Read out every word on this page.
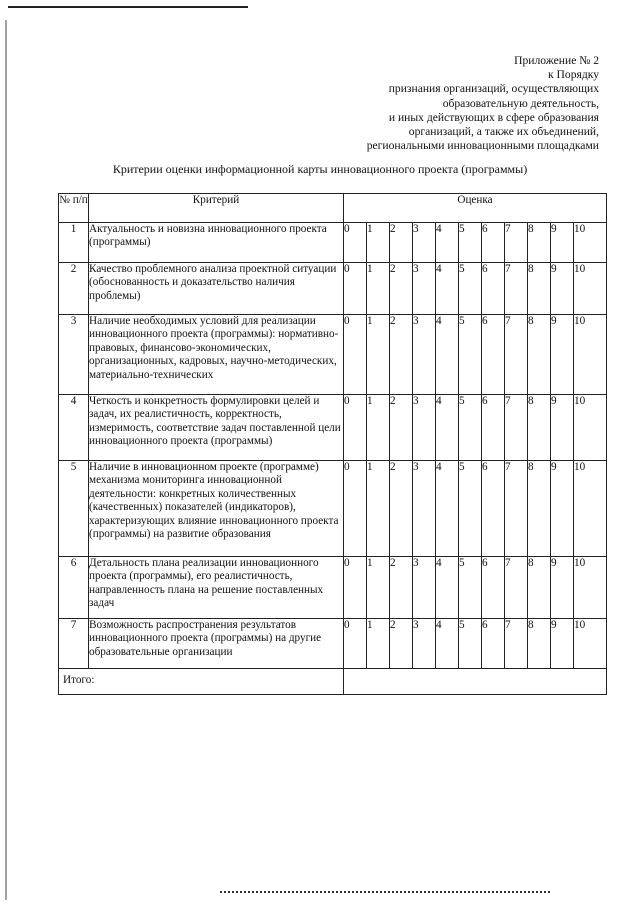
Приложение № 2
к Порядку
признания организаций, осуществляющих
образовательную деятельность,
и иных действующих в сфере образования
организаций, а также их объединений,
региональными инновационными площадками
Критерии оценки информационной карты инновационного проекта (программы)
№ п/п	Критерий	Оценка										
1	Актуальность и новизна инновационного проекта (программы)	0	1	2	3	4	5	6	7	8	9	10
2	Качество проблемного анализа проектной ситуации (обоснованность и доказательство наличия проблемы)	0	1	2	3	4	5	6	7	8	9	10
3	Наличие необходимых условий для реализации инновационного проекта (программы): нормативно-правовых, финансово-экономических, организационных, кадровых, научно-методических, материально-технических	0	1	2	3	4	5	6	7	8	9	10
4	Четкость и конкретность формулировки целей и задач, их реалистичность, корректность, измеримость, соответствие задач поставленной цели инновационного проекта (программы)	0	1	2	3	4	5	6	7	8	9	10
5	Наличие в инновационном проекте (программе) механизма мониторинга инновационной деятельности: конкретных количественных (качественных) показателей (индикаторов), характеризующих влияние инновационного проекта (программы) на развитие образования	0	1	2	3	4	5	6	7	8	9	10
6	Детальность плана реализации инновационного проекта (программы), его реалистичность, направленность плана на решение поставленных задач	0	1	2	3	4	5	6	7	8	9	10
7	Возможность распространения результатов инновационного проекта (программы) на другие образовательные организации	0	1	2	3	4	5	6	7	8	9	10
Итого:												
